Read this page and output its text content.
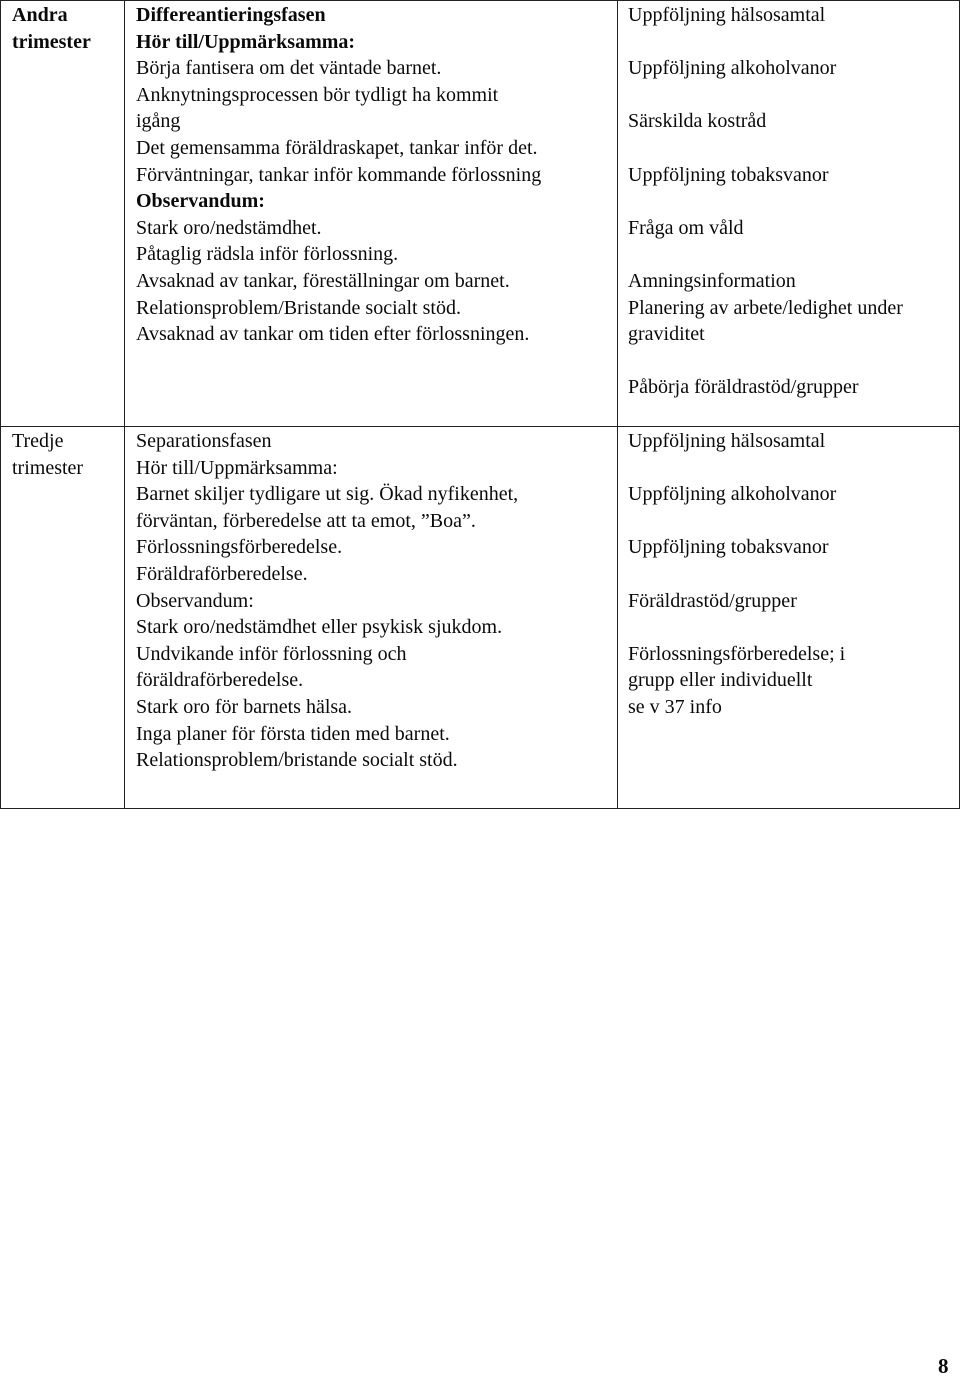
Andra
trimester
Differeantieringsfasen
Hör till/Uppmärksamma:
Börja fantisera om det väntade barnet.
Anknytningsprocessen bör tydligt ha kommit
igång
Det gemensamma föräldraskapet, tankar inför det.
Förväntningar, tankar inför kommande förlossning
Observandum:
Stark oro/nedstämdhet.
Påtaglig rädsla inför förlossning.
Avsaknad av tankar, föreställningar om barnet.
Relationsproblem/Bristande socialt stöd.
Avsaknad av tankar om tiden efter förlossningen.
Uppföljning hälsosamtal
Uppföljning alkoholvanor
Särskilda kostråd
Uppföljning tobaksvanor
Fråga om våld
Amningsinformation
Planering av arbete/ledighet under
graviditet
Påbörja föräldrastöd/grupper
Tredje
trimester
Separationsfasen
Hör till/Uppmärksamma:
Barnet skiljer tydligare ut sig. Ökad nyfikenhet,
förväntan, förberedelse att ta emot, ”Boa”.
Förlossningsförberedelse.
Föräldraförberedelse.
Observandum:
Stark oro/nedstämdhet eller psykisk sjukdom.
Undvikande inför förlossning och
föräldraförberedelse.
Stark oro för barnets hälsa.
Inga planer för första tiden med barnet.
Relationsproblem/bristande socialt stöd.
Uppföljning hälsosamtal
Uppföljning alkoholvanor
Uppföljning tobaksvanor
Föräldrastöd/grupper
Förlossningsförberedelse; i
grupp eller individuellt
se v 37 info
8
